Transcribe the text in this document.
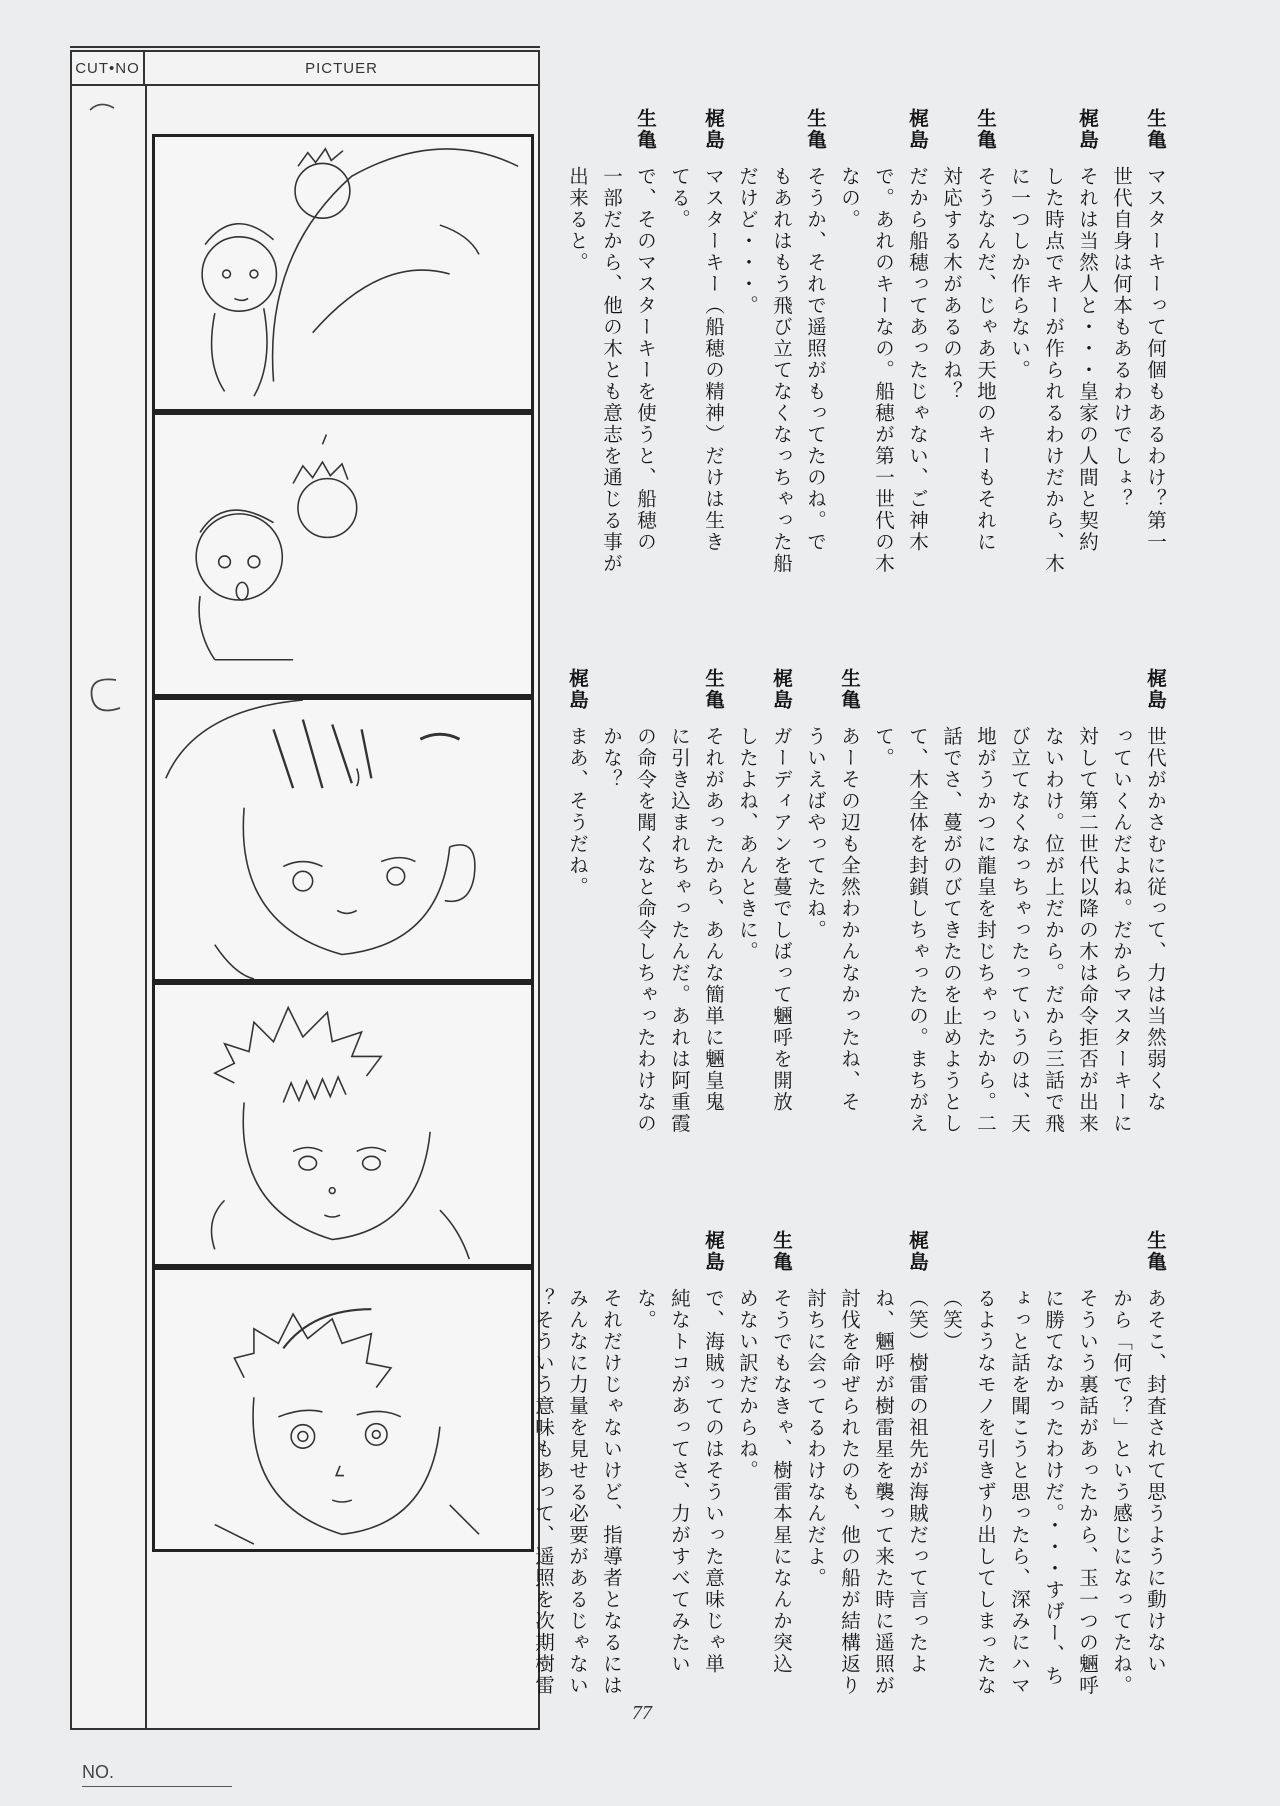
CUT•NO	PICTUER
77
NO.
生亀マスターキーって何個もあるわけ？第一
世代自身は何本もあるわけでしょ？
梶島それは当然人と・・・皇家の人間と契約
した時点でキーが作られるわけだから、木
に一つしか作らない。
生亀そうなんだ、じゃあ天地のキーもそれに
対応する木があるのね？
梶島だから船穂ってあったじゃない、ご神木
で。あれのキーなの。船穂が第一世代の木
なの。
生亀そうか、それで遥照がもってたのね。で
もあれはもう飛び立てなくなっちゃった船
だけど・・・。
梶島マスターキー（船穂の精神）だけは生き
てる。
生亀で、そのマスターキーを使うと、船穂の
一部だから、他の木とも意志を通じる事が
出来ると。
梶島世代がかさむに従って、力は当然弱くな
っていくんだよね。だからマスターキーに
対して第二世代以降の木は命令拒否が出来
ないわけ。位が上だから。だから三話で飛
び立てなくなっちゃったっていうのは、天
地がうかつに龍皇を封じちゃったから。二
話でさ、蔓がのびてきたのを止めようとし
て、木全体を封鎖しちゃったの。まちがえ
て。
生亀あーその辺も全然わかんなかったね、そ
ういえばやってたね。
梶島ガーディアンを蔓でしばって魎呼を開放
したよね、あんときに。
生亀それがあったから、あんな簡単に魎皇鬼
に引き込まれちゃったんだ。あれは阿重霞
の命令を聞くなと命令しちゃったわけなの
かな？
梶島まあ、そうだね。
生亀あそこ、封査されて思うように動けない
から「何で？」という感じになってたね。
そういう裏話があったから、玉一つの魎呼
に勝てなかったわけだ。・・・すげー、ち
ょっと話を聞こうと思ったら、深みにハマ
るようなモノを引きずり出してしまったな
（笑）
梶島（笑）樹雷の祖先が海賊だって言ったよ
ね、魎呼が樹雷星を襲って来た時に遥照が
討伐を命ぜられたのも、他の船が結構返り
討ちに会ってるわけなんだよ。
生亀そうでもなきゃ、樹雷本星になんか突込
めない訳だからね。
梶島で、海賊ってのはそういった意味じゃ単
純なトコがあってさ、力がすべてみたいな。
それだけじゃないけど、指導者となるには
みんなに力量を見せる必要があるじゃない
？そういう意味もあって、遥照を次期樹雷
